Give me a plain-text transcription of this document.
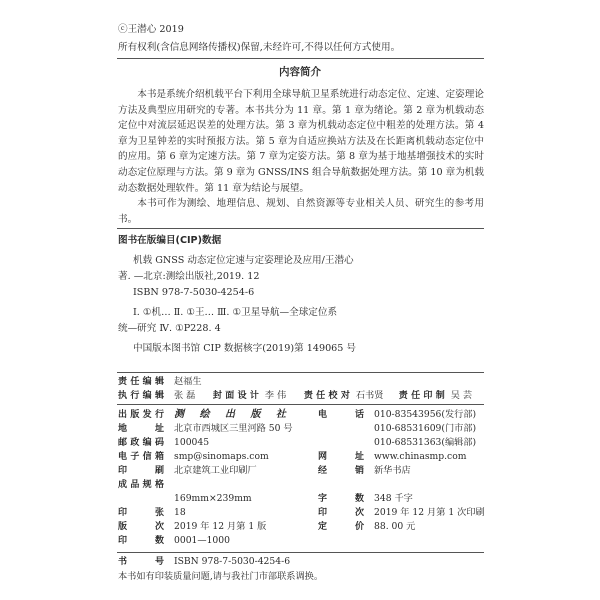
ⓒ王潜心 2019
所有权利(含信息网络传播权)保留,未经许可,不得以任何方式使用。
内容简介

本书是系统介绍机载平台下利用全球导航卫星系统进行动态定位、定速、定姿理论方法及典型应用研究的专著。本书共分为 11 章。第 1 章为绪论。第 2 章为机载动态定位中对流层延迟误差的处理方法。第 3 章为机载动态定位中粗差的处理方法。第 4 章为卫星钟差的实时预报方法。第 5 章为自适应换站方法及在长距离机载动态定位中的应用。第 6 章为定速方法。第 7 章为定姿方法。第 8 章为基于地基增强技术的实时动态定位原理与方法。第 9 章为 GNSS/INS 组合导航数据处理方法。第 10 章为机载动态数据处理软件。第 11 章为结论与展望。

本书可作为测绘、地理信息、规划、自然资源等专业相关人员、研究生的参考用书。

图书在版编目(CIP)数据
机载 GNSS 动态定位定速与定姿理论及应用/王潜心
著. —北京:测绘出版社,2019. 12
ISBN 978-7-5030-4254-6
Ⅰ. ①机… Ⅱ. ①王… Ⅲ. ①卫星导航—全球定位系
统—研究 Ⅳ. ①P228. 4
中国版本图书馆 CIP 数据核字(2019)第 149065 号
责任编辑 赵福生
执行编辑 张 磊 封面设计 李 伟 责任校对 石书贤 责任印制 吴 芸
出版发行 测 绘 出 版 社
地 址 北京市西城区三里河路 50 号
邮政编码 100045
电子信箱 smp@sinomaps.com
印 刷 北京建筑工业印刷厂
成品规格
169mm×239mm
印 张 18
版 次 2019 年 12 月第 1 版
印 数 0001—1000
电 话 010-83543956(发行部)
010-68531609(门市部)
010-68531363(编辑部)
网 址 www.chinasmp.com
经 销 新华书店
字 数 348 千字
印 次 2019 年 12 月第 1 次印刷
定 价 88. 00 元
书 号 ISBN 978-7-5030-4254-6
本书如有印装质量问题,请与我社门市部联系调换。
